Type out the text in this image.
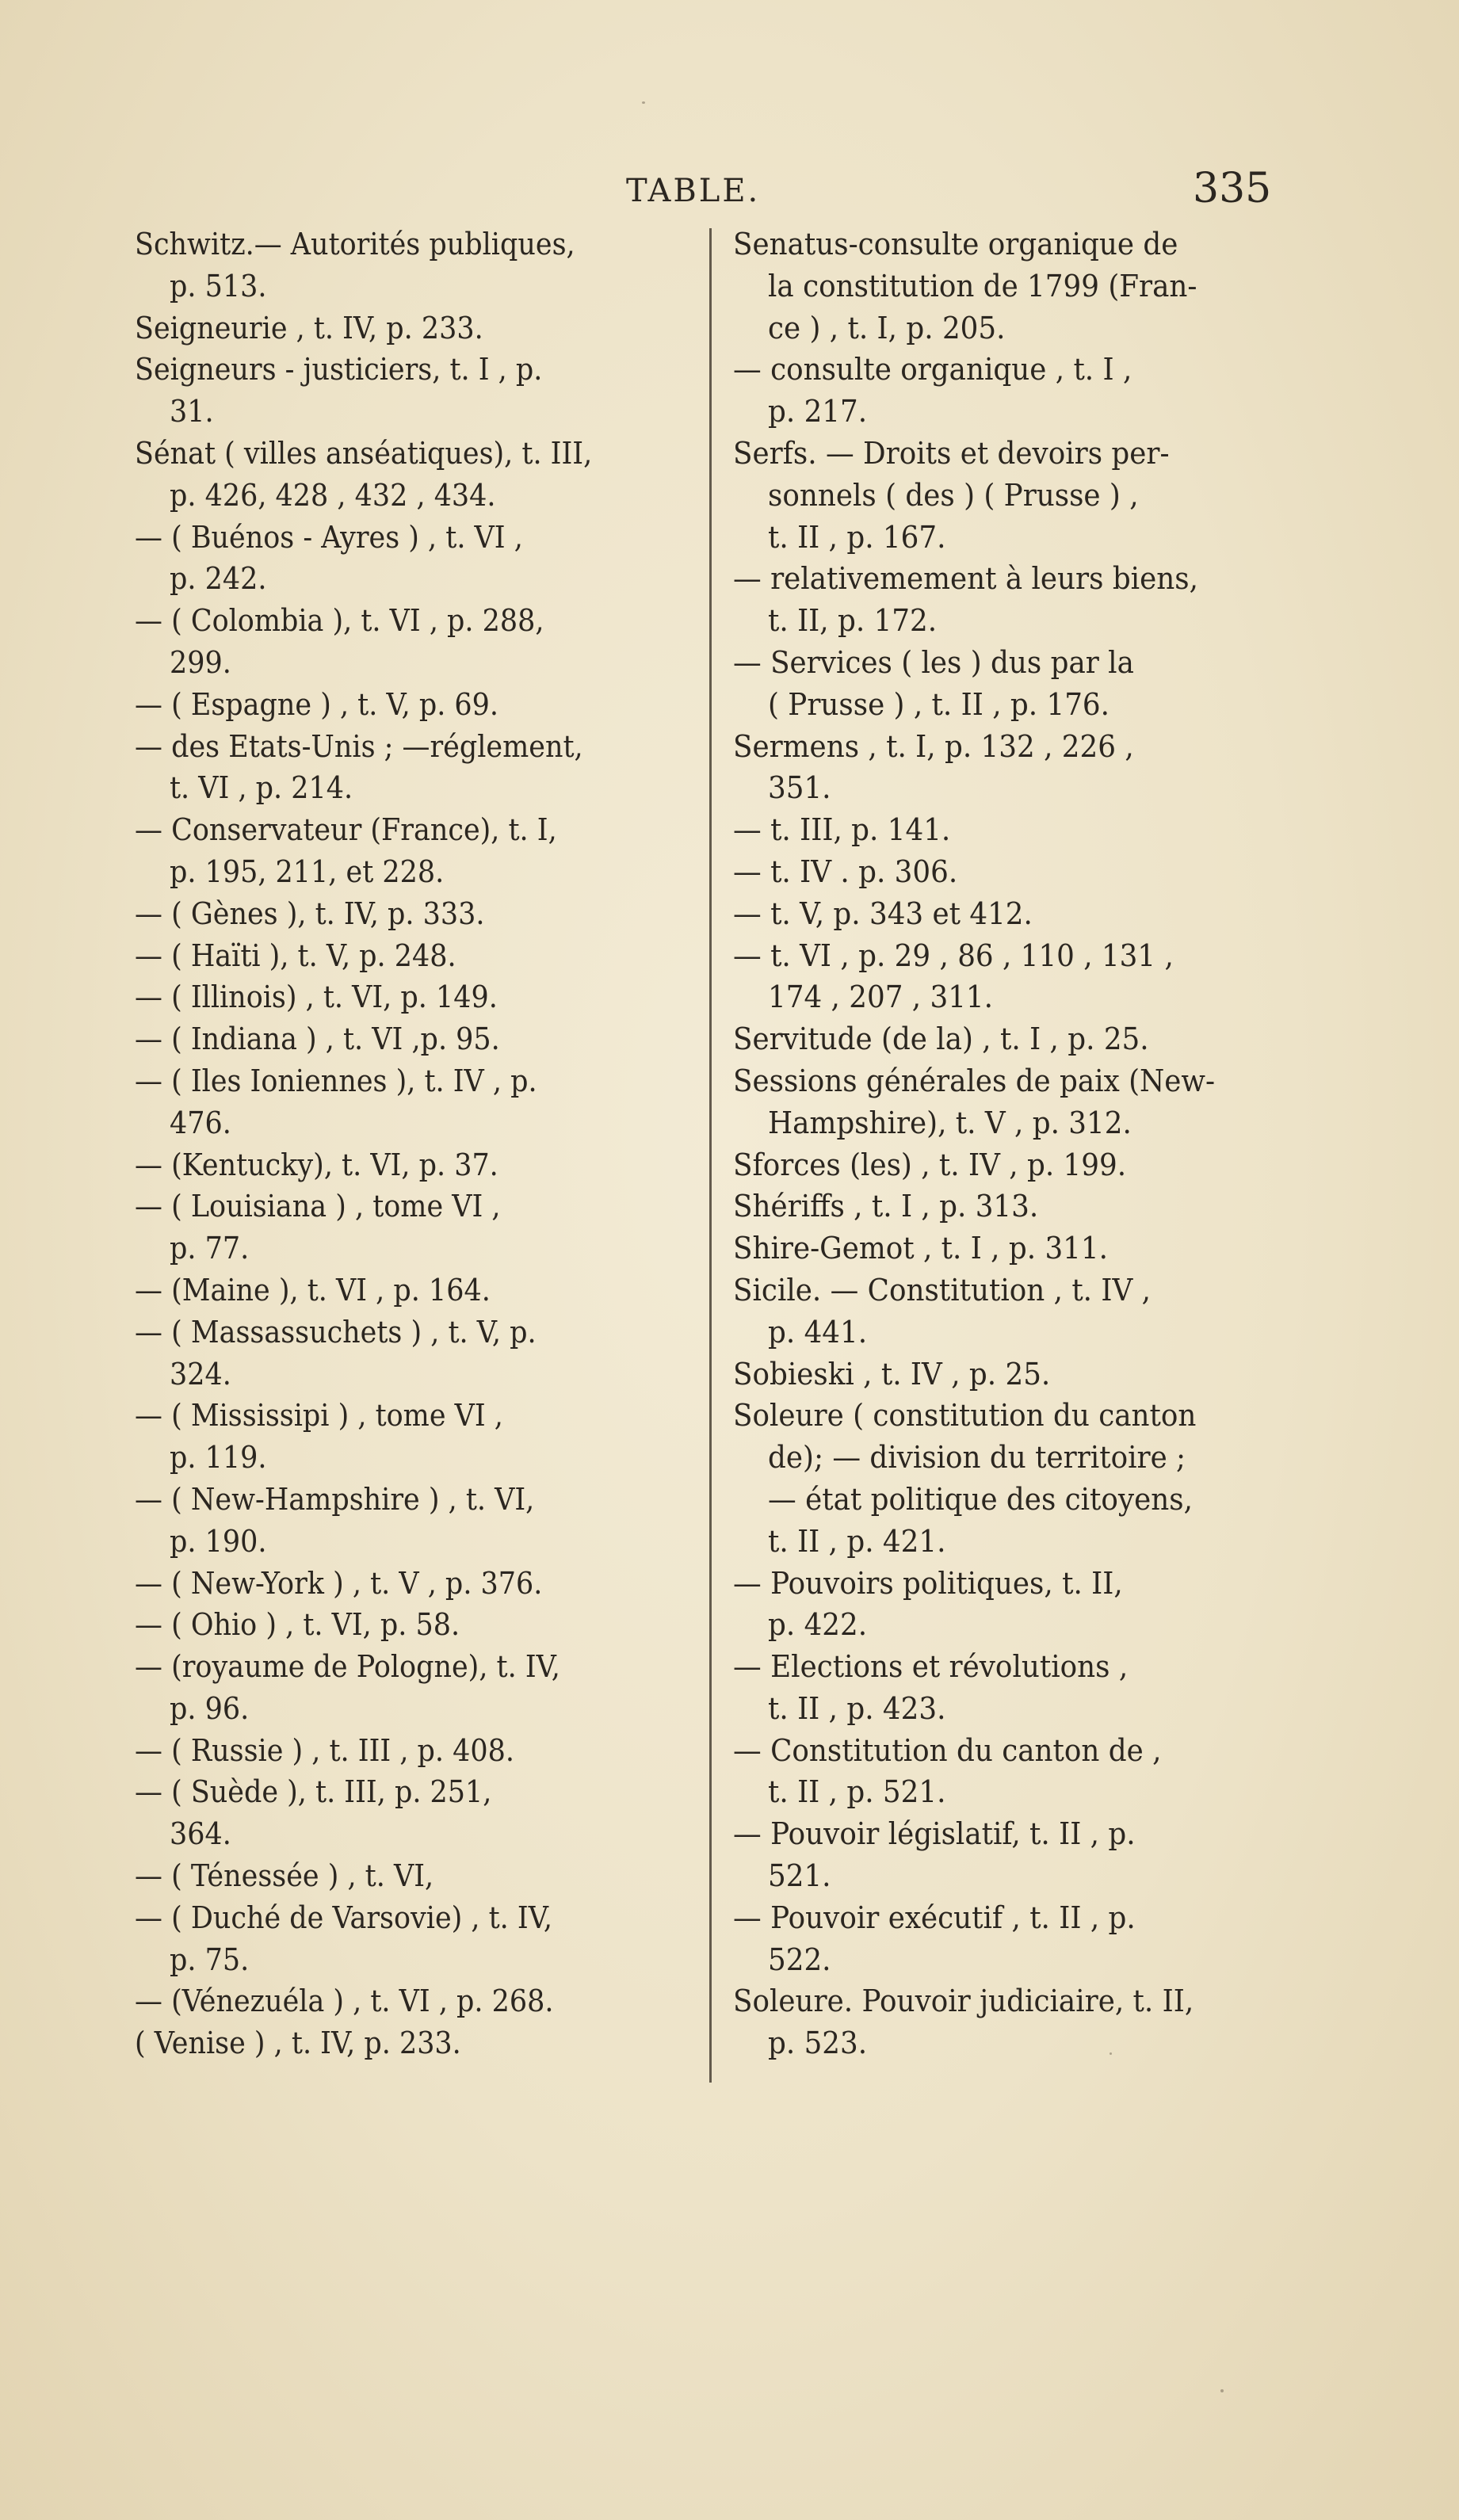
TABLE.	335
Schwitz.— Autorités publiques,
p. 513.
Seigneurie , t. IV, p. 233.
Seigneurs - justiciers, t. I , p.
31.
Sénat ( villes anséatiques), t. III,
p. 426, 428 , 432 , 434.
— ( Buénos - Ayres ) , t. VI ,
p. 242.
— ( Colombia ), t. VI , p. 288,
299.
— ( Espagne ) , t. V, p. 69.
— des Etats-Unis ; —réglement,
t. VI , p. 214.
— Conservateur (France), t. I,
p. 195, 211, et 228.
— ( Gènes ), t. IV, p. 333.
— ( Haïti ), t. V, p. 248.
— ( Illinois) , t. VI, p. 149.
— ( Indiana ) , t. VI ,p. 95.
— ( Iles Ioniennes ), t. IV , p.
476.
— (Kentucky), t. VI, p. 37.
— ( Louisiana ) , tome VI ,
p. 77.
— (Maine ), t. VI , p. 164.
— ( Massassuchets ) , t. V, p.
324.
— ( Mississipi ) , tome VI ,
p. 119.
— ( New-Hampshire ) , t. VI,
p. 190.
— ( New-York ) , t. V , p. 376.
— ( Ohio ) , t. VI, p. 58.
— (royaume de Pologne), t. IV,
p. 96.
— ( Russie ) , t. III , p. 408.
— ( Suède ), t. III, p. 251,
364.
— ( Ténessée ) , t. VI,
— ( Duché de Varsovie) , t. IV,
p. 75.
— (Vénezuéla ) , t. VI , p. 268.
( Venise ) , t. IV, p. 233.
Senatus-consulte organique de
la constitution de 1799 (Fran-
ce ) , t. I, p. 205.
— consulte organique , t. I ,
p. 217.
Serfs. — Droits et devoirs per-
sonnels ( des ) ( Prusse ) ,
t. II , p. 167.
— relativemement à leurs biens,
t. II, p. 172.
— Services ( les ) dus par la
( Prusse ) , t. II , p. 176.
Sermens , t. I, p. 132 , 226 ,
351.
— t. III, p. 141.
— t. IV . p. 306.
— t. V, p. 343 et 412.
— t. VI , p. 29 , 86 , 110 , 131 ,
174 , 207 , 311.
Servitude (de la) , t. I , p. 25.
Sessions générales de paix (New-
Hampshire), t. V , p. 312.
Sforces (les) , t. IV , p. 199.
Shériffs , t. I , p. 313.
Shire-Gemot , t. I , p. 311.
Sicile. — Constitution , t. IV ,
p. 441.
Sobieski , t. IV , p. 25.
Soleure ( constitution du canton
de); — division du territoire ;
— état politique des citoyens,
t. II , p. 421.
— Pouvoirs politiques, t. II,
p. 422.
— Elections et révolutions ,
t. II , p. 423.
— Constitution du canton de ,
t. II , p. 521.
— Pouvoir législatif, t. II , p.
521.
— Pouvoir exécutif , t. II , p.
522.
Soleure. Pouvoir judiciaire, t. II,
p. 523.
